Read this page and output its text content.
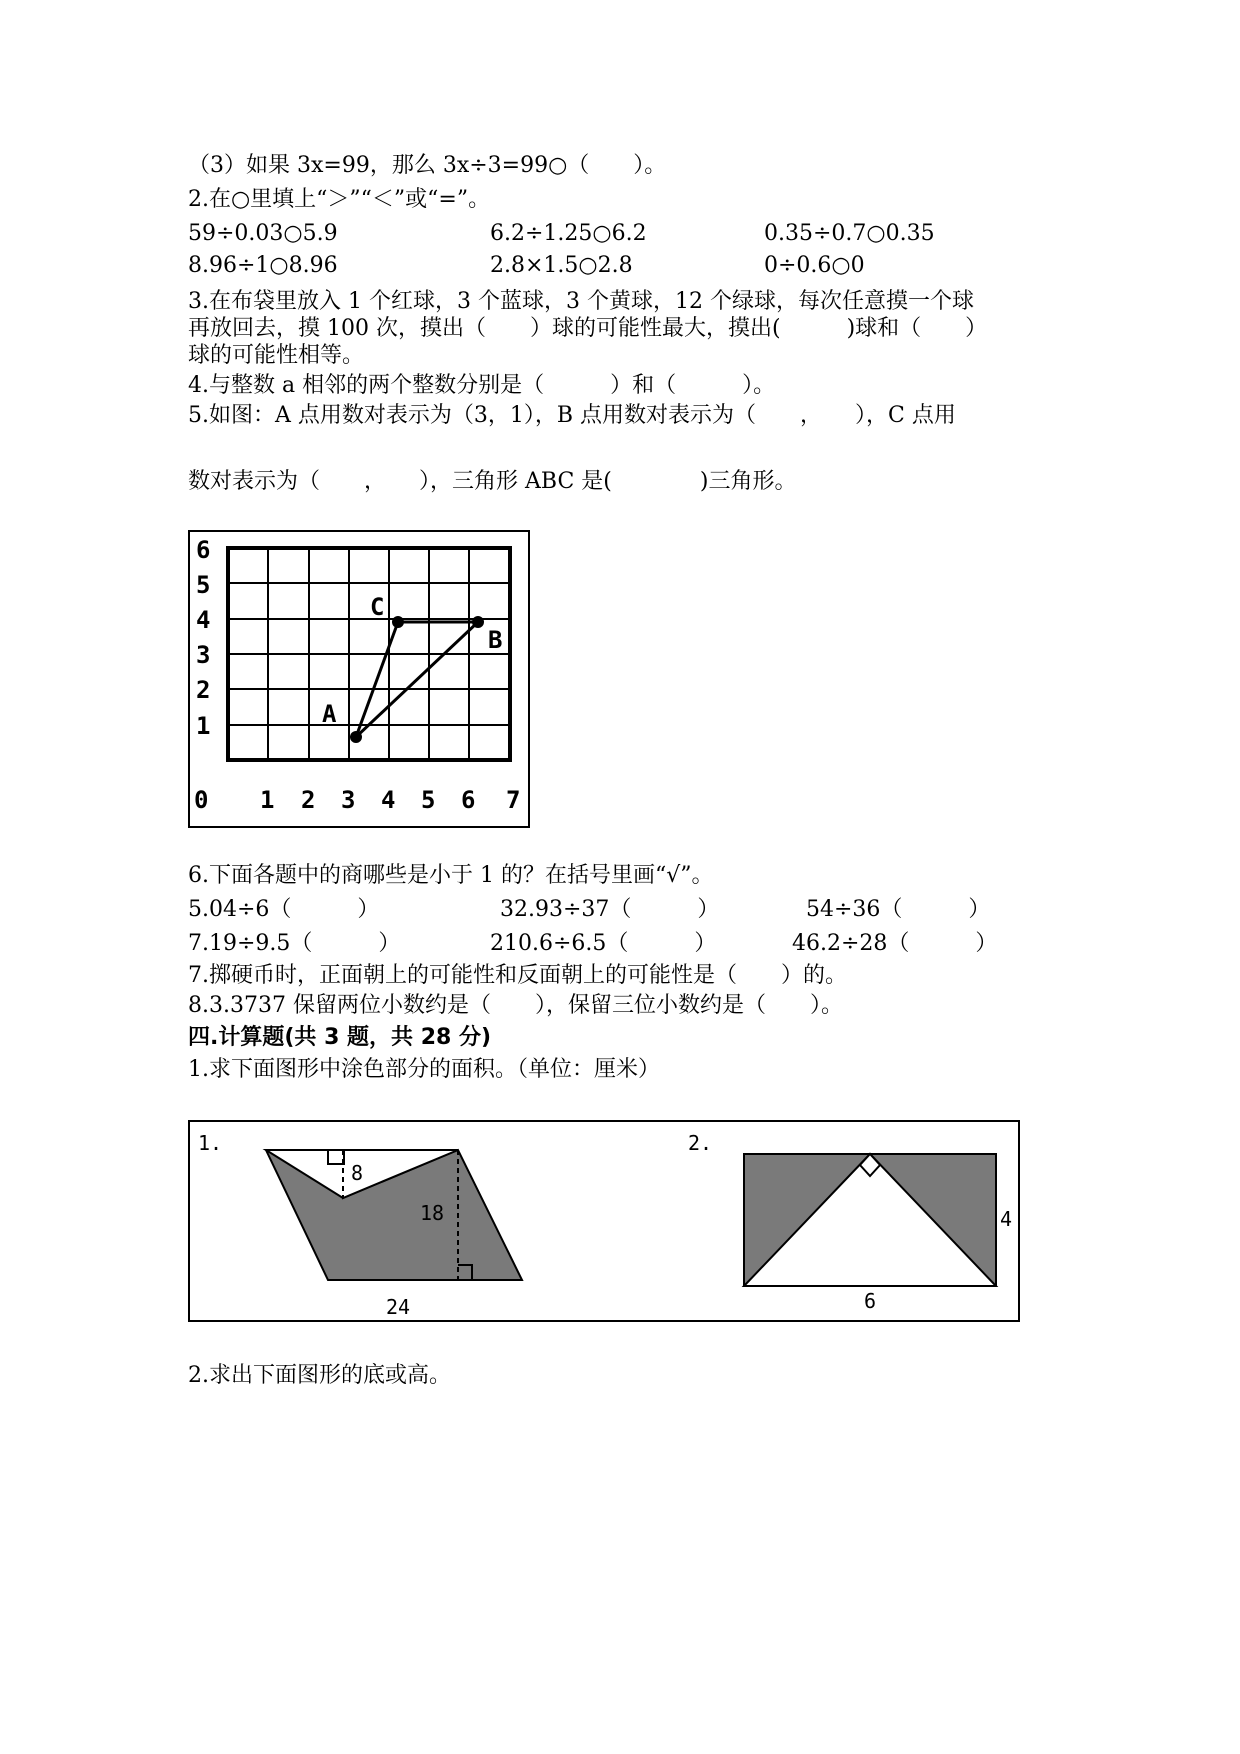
（3）如果 3x=99，那么 3x÷3=99○（　　）。
2.在○里填上“＞”“＜”或“=”。
59÷0.03○5.9	6.2÷1.25○6.2	0.35÷0.7○0.35
8.96÷1○8.96	2.8×1.5○2.8	0÷0.6○0
3.在布袋里放入 1 个红球，3 个蓝球，3 个黄球，12 个绿球，每次任意摸一个球
再放回去，摸 100 次，摸出（　　）球的可能性最大，摸出(　　　)球和（　　）
球的可能性相等。
4.与整数 a 相邻的两个整数分别是（　　　）和（　　　）。
5.如图：A 点用数对表示为（3，1），B 点用数对表示为（　　，　　），C 点用
数对表示为（　　，　　），三角形 ABC 是(　　　　)三角形。
6
5
4
3
2
1
0 1 2 3 4 5 6 7
A
B
C
6.下面各题中的商哪些是小于 1 的？在括号里画“√”。
5.04÷6（　　　）	32.93÷37（　　　）	54÷36（　　　）
7.19÷9.5（　　　）	210.6÷6.5（　　　）	46.2÷28（　　　）
7.掷硬币时，正面朝上的可能性和反面朝上的可能性是（　　）的。
8.3.3737 保留两位小数约是（　　），保留三位小数约是（　　）。
四.计算题(共 3 题，共 28 分)
1.求下面图形中涂色部分的面积。（单位：厘米）
1.
8
18
24
2.
4
6
2.求出下面图形的底或高。
